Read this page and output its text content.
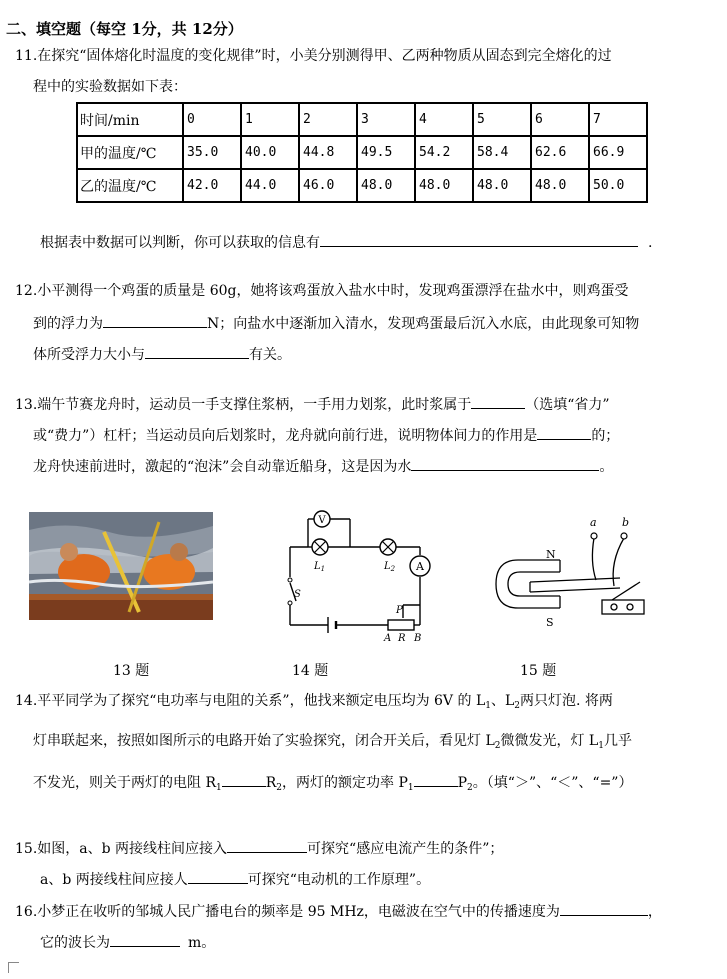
二、填空题（每空 1分，共 12分）
11.在探究“固体熔化时温度的变化规律”时，小美分别测得甲、乙两种物质从固态到完全熔化的过
程中的实验数据如下表：
时间/min	0	1	2	3	4	5	6	7
甲的温度/℃	35.0	40.0	44.8	49.5	54.2	58.4	62.6	66.9
乙的温度/℃	42.0	44.0	46.0	48.0	48.0	48.0	48.0	50.0
根据表中数据可以判断，你可以获取的信息有	.
12.小平测得一个鸡蛋的质量是 60g，她将该鸡蛋放入盐水中时，发现鸡蛋漂浮在盐水中，则鸡蛋受
到的浮力为	N；向盐水中逐渐加入清水，发现鸡蛋最后沉入水底，由此现象可知物
体所受浮力大小与	有关。
13.端午节赛龙舟时，运动员一手支撑住浆柄，一手用力划浆，此时浆属于	（选填“省力”
或“费力”）杠杆；当运动员向后划浆时，龙舟就向前行进，说明物体间力的作用是	的；
龙舟快速前进时，激起的“泡沫”会自动靠近船身，这是因为水	。
V
A
$L_1$	$L_2$
S
P
A R B
a b
N
S
13 题	14 题	15 题
14.平平同学为了探究“电功率与电阻的关系”，他找来额定电压均为 6V 的 $L_1$、$L_2$两只灯泡. 将两
灯串联起来，按照如图所示的电路开始了实验探究，闭合开关后，看见灯 $L_2$微微发光，灯 $L_1$几乎
不发光，则关于两灯的电阻 $R_1$	$R_2$，两灯的额定功率 $P_1$	$P_2$。（填“＞”、“＜”、“=”）
15.如图，a、b 两接线柱间应接入	可探究“感应电流产生的条件”；
a、b 两接线柱间应接人	可探究“电动机的工作原理”。
16.小梦正在收听的邹城人民广播电台的频率是 95 MHz，电磁波在空气中的传播速度为	，
它的波长为	m。
